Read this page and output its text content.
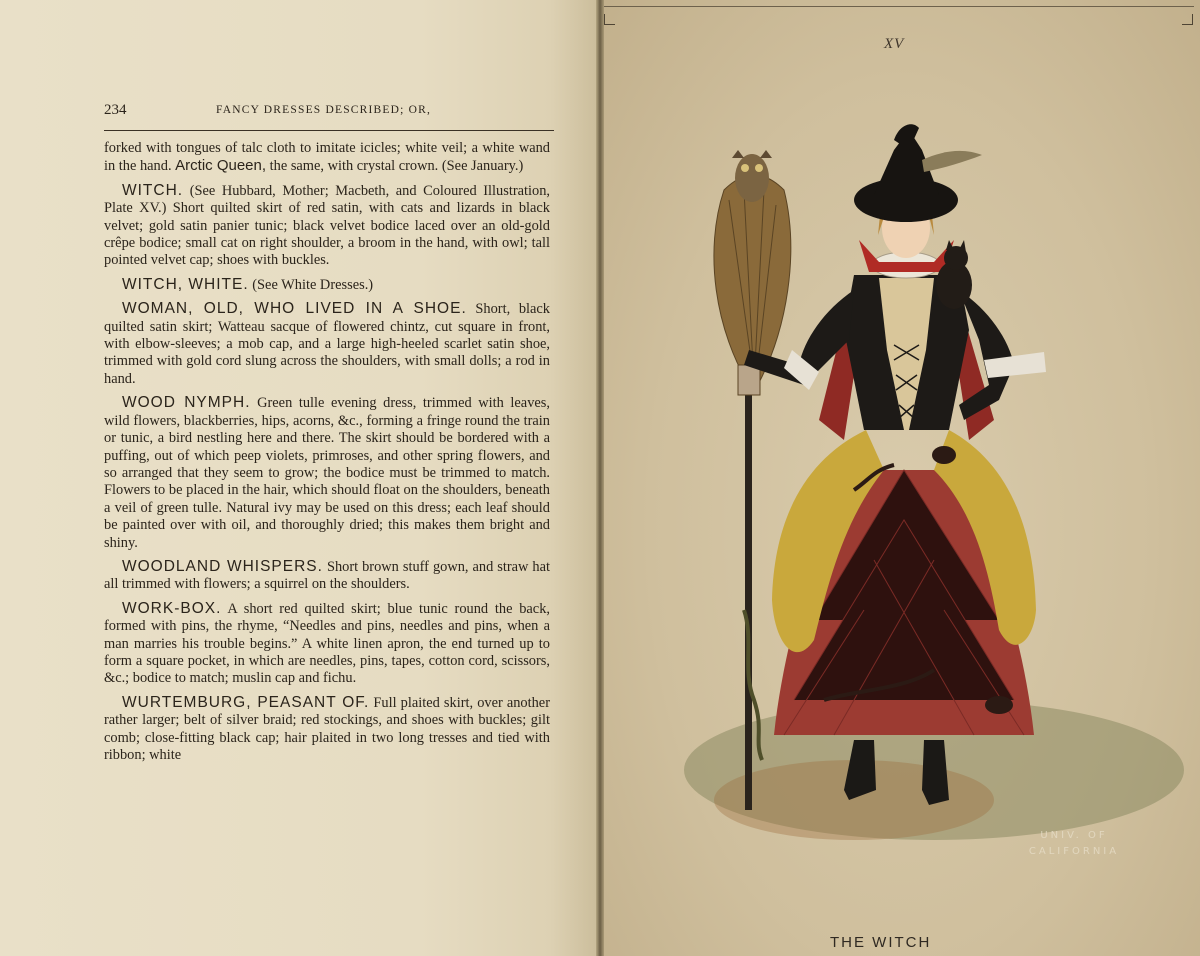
234	FANCY DRESSES DESCRIBED; OR,

forked with tongues of talc cloth to imitate icicles; white veil; a white wand in the hand. Arctic Queen, the same, with crystal crown. (See January.)

WITCH. (See Hubbard, Mother; Macbeth, and Coloured Illustration, Plate XV.) Short quilted skirt of red satin, with cats and lizards in black velvet; gold satin panier tunic; black velvet bodice laced over an old-gold crêpe bodice; small cat on right shoulder, a broom in the hand, with owl; tall pointed velvet cap; shoes with buckles.

WITCH, WHITE. (See White Dresses.)

WOMAN, OLD, WHO LIVED IN A SHOE. Short, black quilted satin skirt; Watteau sacque of flowered chintz, cut square in front, with elbow-sleeves; a mob cap, and a large high-heeled scarlet satin shoe, trimmed with gold cord slung across the shoulders, with small dolls; a rod in hand.

WOOD NYMPH. Green tulle evening dress, trimmed with leaves, wild flowers, blackberries, hips, acorns, &c., forming a fringe round the train or tunic, a bird nestling here and there. The skirt should be bordered with a puffing, out of which peep violets, primroses, and other spring flowers, and so arranged that they seem to grow; the bodice must be trimmed to match. Flowers to be placed in the hair, which should float on the shoulders, beneath a veil of green tulle. Natural ivy may be used on this dress; each leaf should be painted over with oil, and thoroughly dried; this makes them bright and shiny.

WOODLAND WHISPERS. Short brown stuff gown, and straw hat all trimmed with flowers; a squirrel on the shoulders.

WORK-BOX. A short red quilted skirt; blue tunic round the back, formed with pins, the rhyme, “Needles and pins, needles and pins, when a man marries his trouble begins.” A white linen apron, the end turned up to form a square pocket, in which are needles, pins, tapes, cotton cord, scissors, &c.; bodice to match; muslin cap and fichu.

WURTEMBURG, PEASANT OF. Full plaited skirt, over another rather larger; belt of silver braid; red stockings, and shoes with buckles; gilt comb; close-fitting black cap; hair plaited in two long tresses and tied with ribbon; white

XV
UNIV. OF
CALIFORNIA
THE WITCH
